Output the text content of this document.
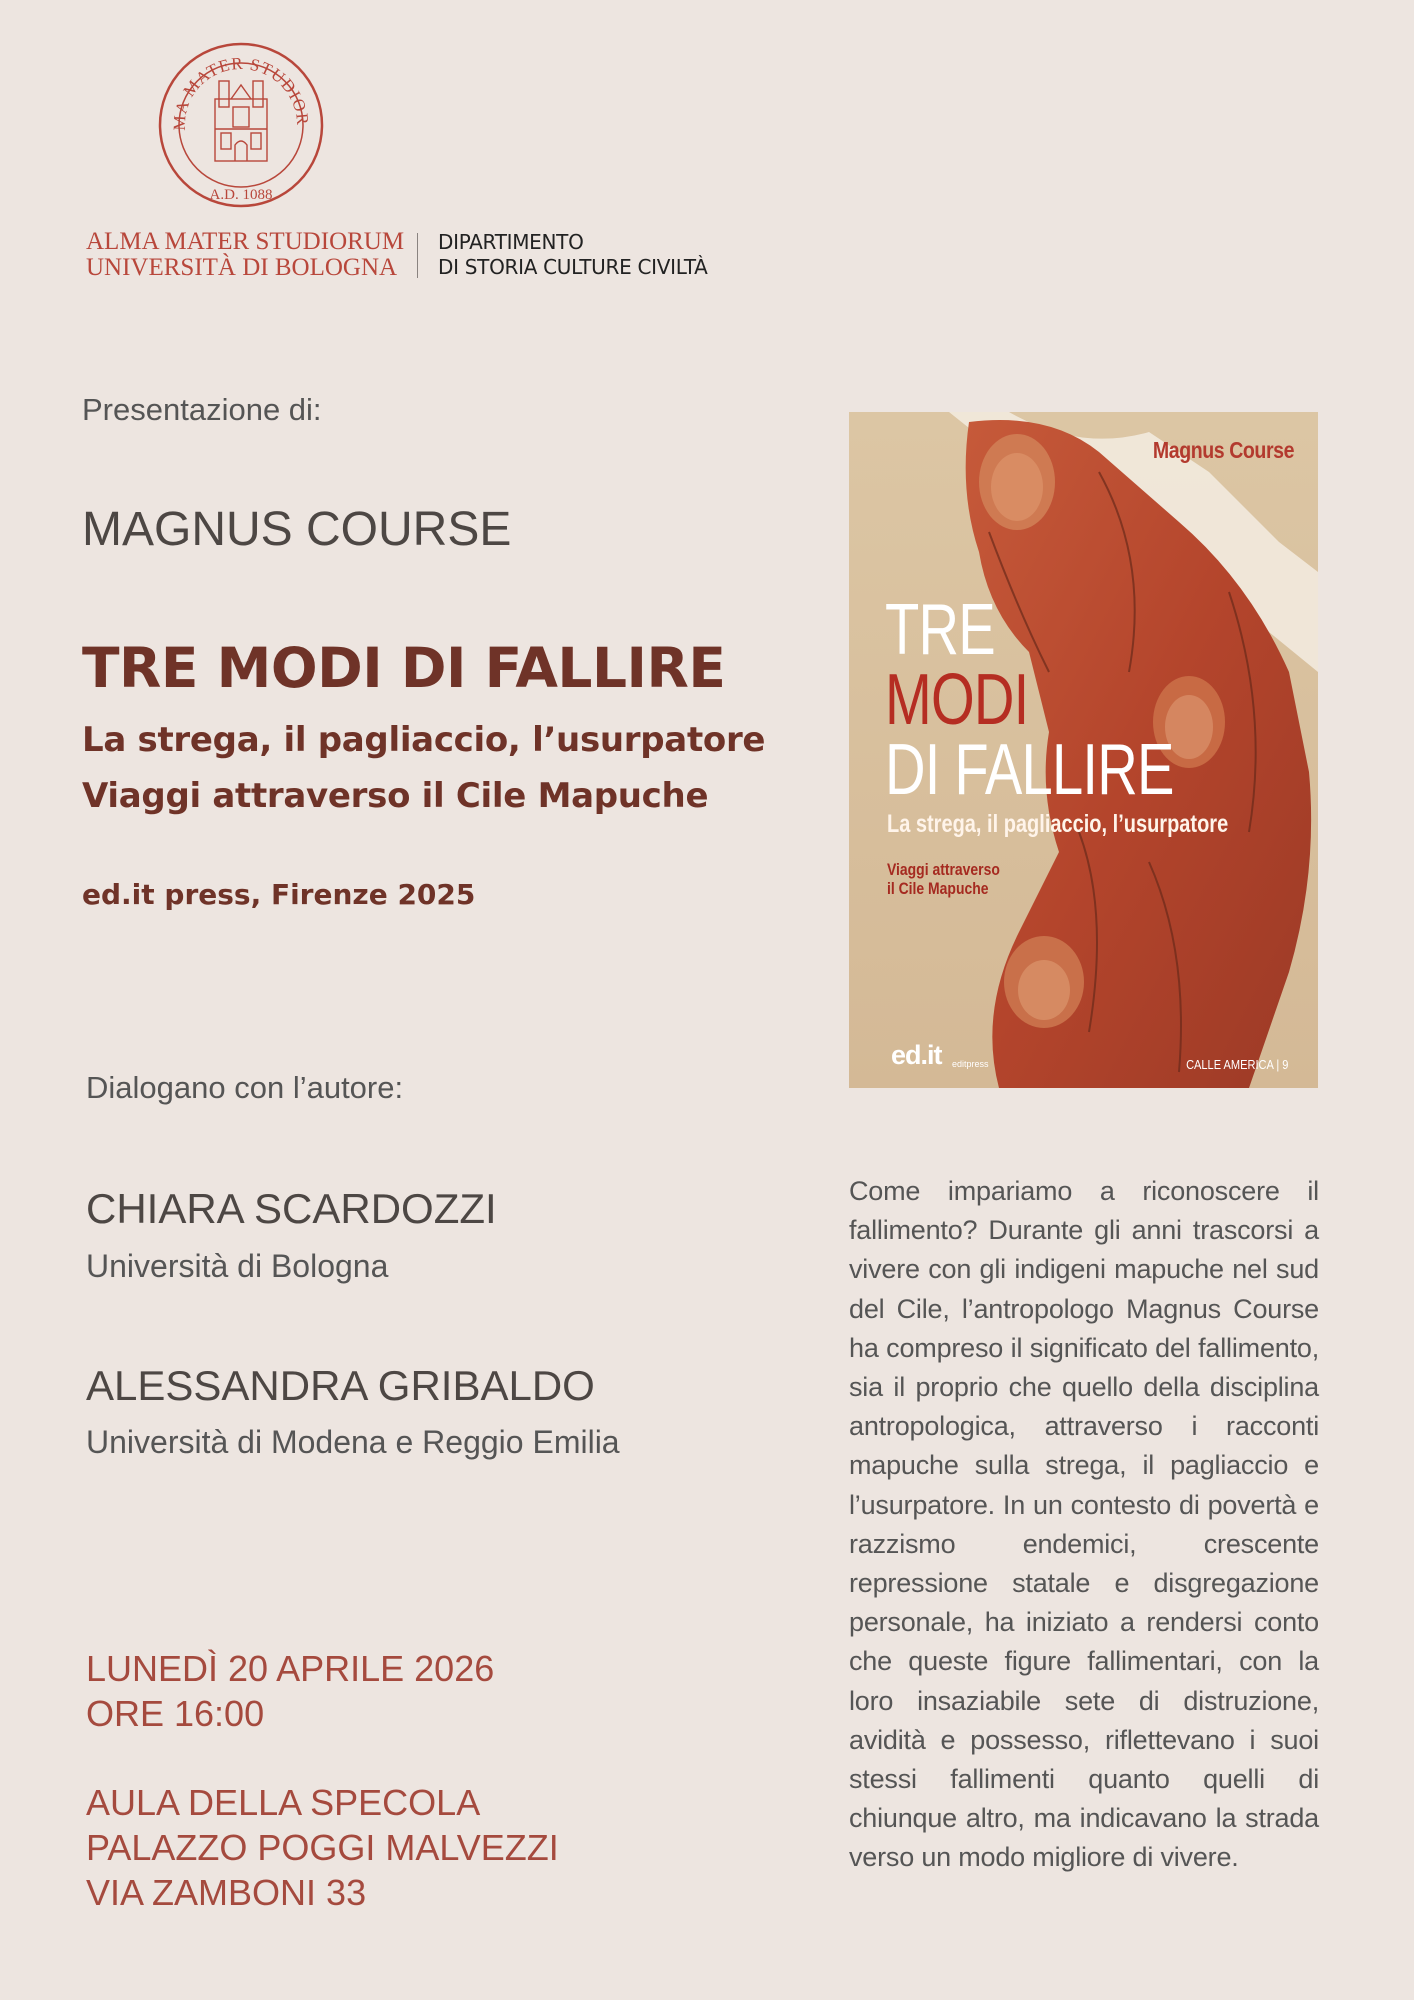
MA MATER STUDIOR
A.D. 1088
ALMA MATER STUDIORUM
UNIVERSITÀ DI BOLOGNA
DIPARTIMENTO
DI STORIA CULTURE CIVILTÀ
Presentazione di:
MAGNUS COURSE
TRE MODI DI FALLIRE
La strega, il pagliaccio, l’usurpatore
Viaggi attraverso il Cile Mapuche
ed.it press, Firenze 2025
Dialogano con l’autore:
CHIARA SCARDOZZI
Università di Bologna
ALESSANDRA GRIBALDO
Università di Modena e Reggio Emilia
LUNEDÌ 20 APRILE 2026
ORE 16:00
AULA DELLA SPECOLA
PALAZZO POGGI MALVEZZI
VIA ZAMBONI 33
Magnus Course
TRE
MODI
DI FALLIRE
La strega, il pagliaccio, l’usurpatore
Viaggi attraverso
il Cile Mapuche
ed.it editpress	CALLE AMERICA | 9
Come impariamo a riconoscere il fallimento? Durante gli anni trascorsi a vivere con gli indigeni mapuche nel sud del Cile, l’antropologo Magnus Course ha compreso il significato del fallimento, sia il proprio che quello della disciplina antropologica, attraverso i racconti mapuche sulla strega, il pagliaccio e l’usurpatore. In un contesto di povertà e razzismo endemici, crescente repressione statale e disgregazione personale, ha iniziato a rendersi conto che queste figure fallimentari, con la loro insaziabile sete di distruzione, avidità e possesso, riflettevano i suoi stessi fallimenti quanto quelli di chiunque altro, ma indicavano la strada verso un modo migliore di vivere.
